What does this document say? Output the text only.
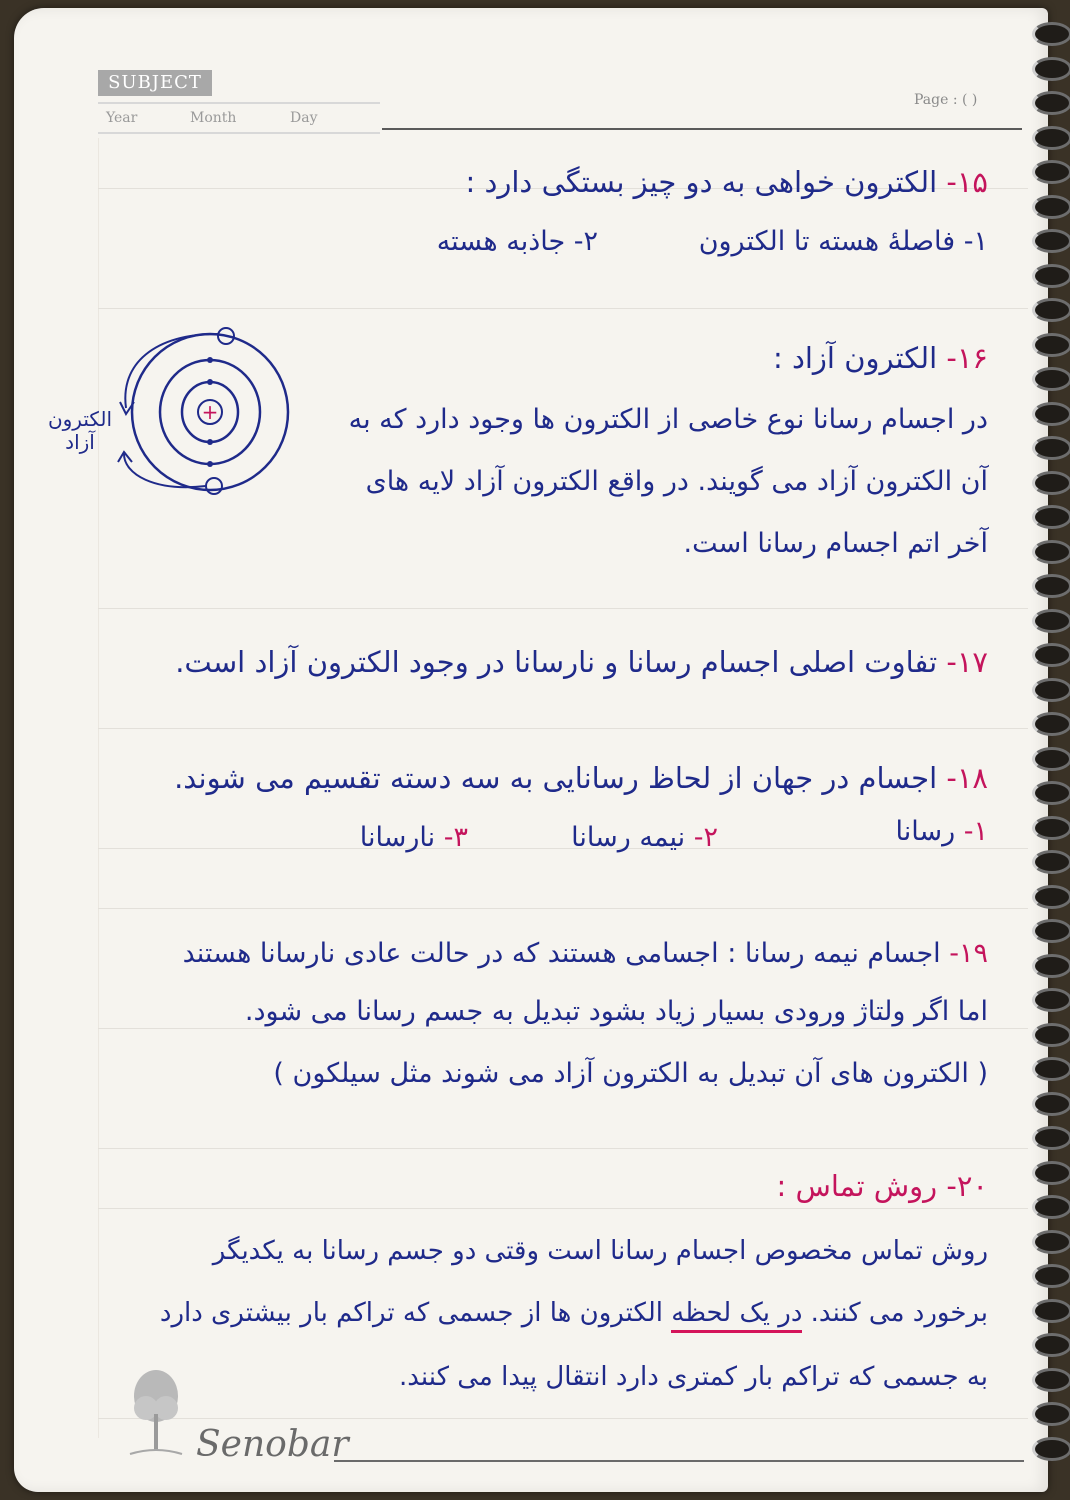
SUBJECT
Year	Month	Day
Page : ( )
۱۵- الکترون خواهی به دو چیز بستگی دارد :
۱- فاصلهٔ هسته تا الکترون
۲- جاذبه هسته
۱۶- الکترون آزاد :
در اجسام رسانا نوع خاصی از الکترون ها وجود دارد که به
آن الکترون آزاد می گویند. در واقع الکترون آزاد لایه های
آخر اتم اجسام رسانا است.
+
الکترون آزاد
۱۷- تفاوت اصلی اجسام رسانا و نارسانا در وجود الکترون آزاد است.
۱۸- اجسام در جهان از لحاظ رسانایی به سه دسته تقسیم می شوند.
۱- رسانا
۲- نیمه رسانا
۳- نارسانا
۱۹- اجسام نیمه رسانا : اجسامی هستند که در حالت عادی نارسانا هستند
اما اگر ولتاژ ورودی بسیار زیاد بشود تبدیل به جسم رسانا می شود.
( الکترون های آن تبدیل به الکترون آزاد می شوند مثل سیلکون )
۲۰- روش تماس :
روش تماس مخصوص اجسام رسانا است وقتی دو جسم رسانا به یکدیگر
برخورد می کنند. در یک لحظه الکترون ها از جسمی که تراکم بار بیشتری دارد
به جسمی که تراکم بار کمتری دارد انتقال پیدا می کنند.
Senobar
